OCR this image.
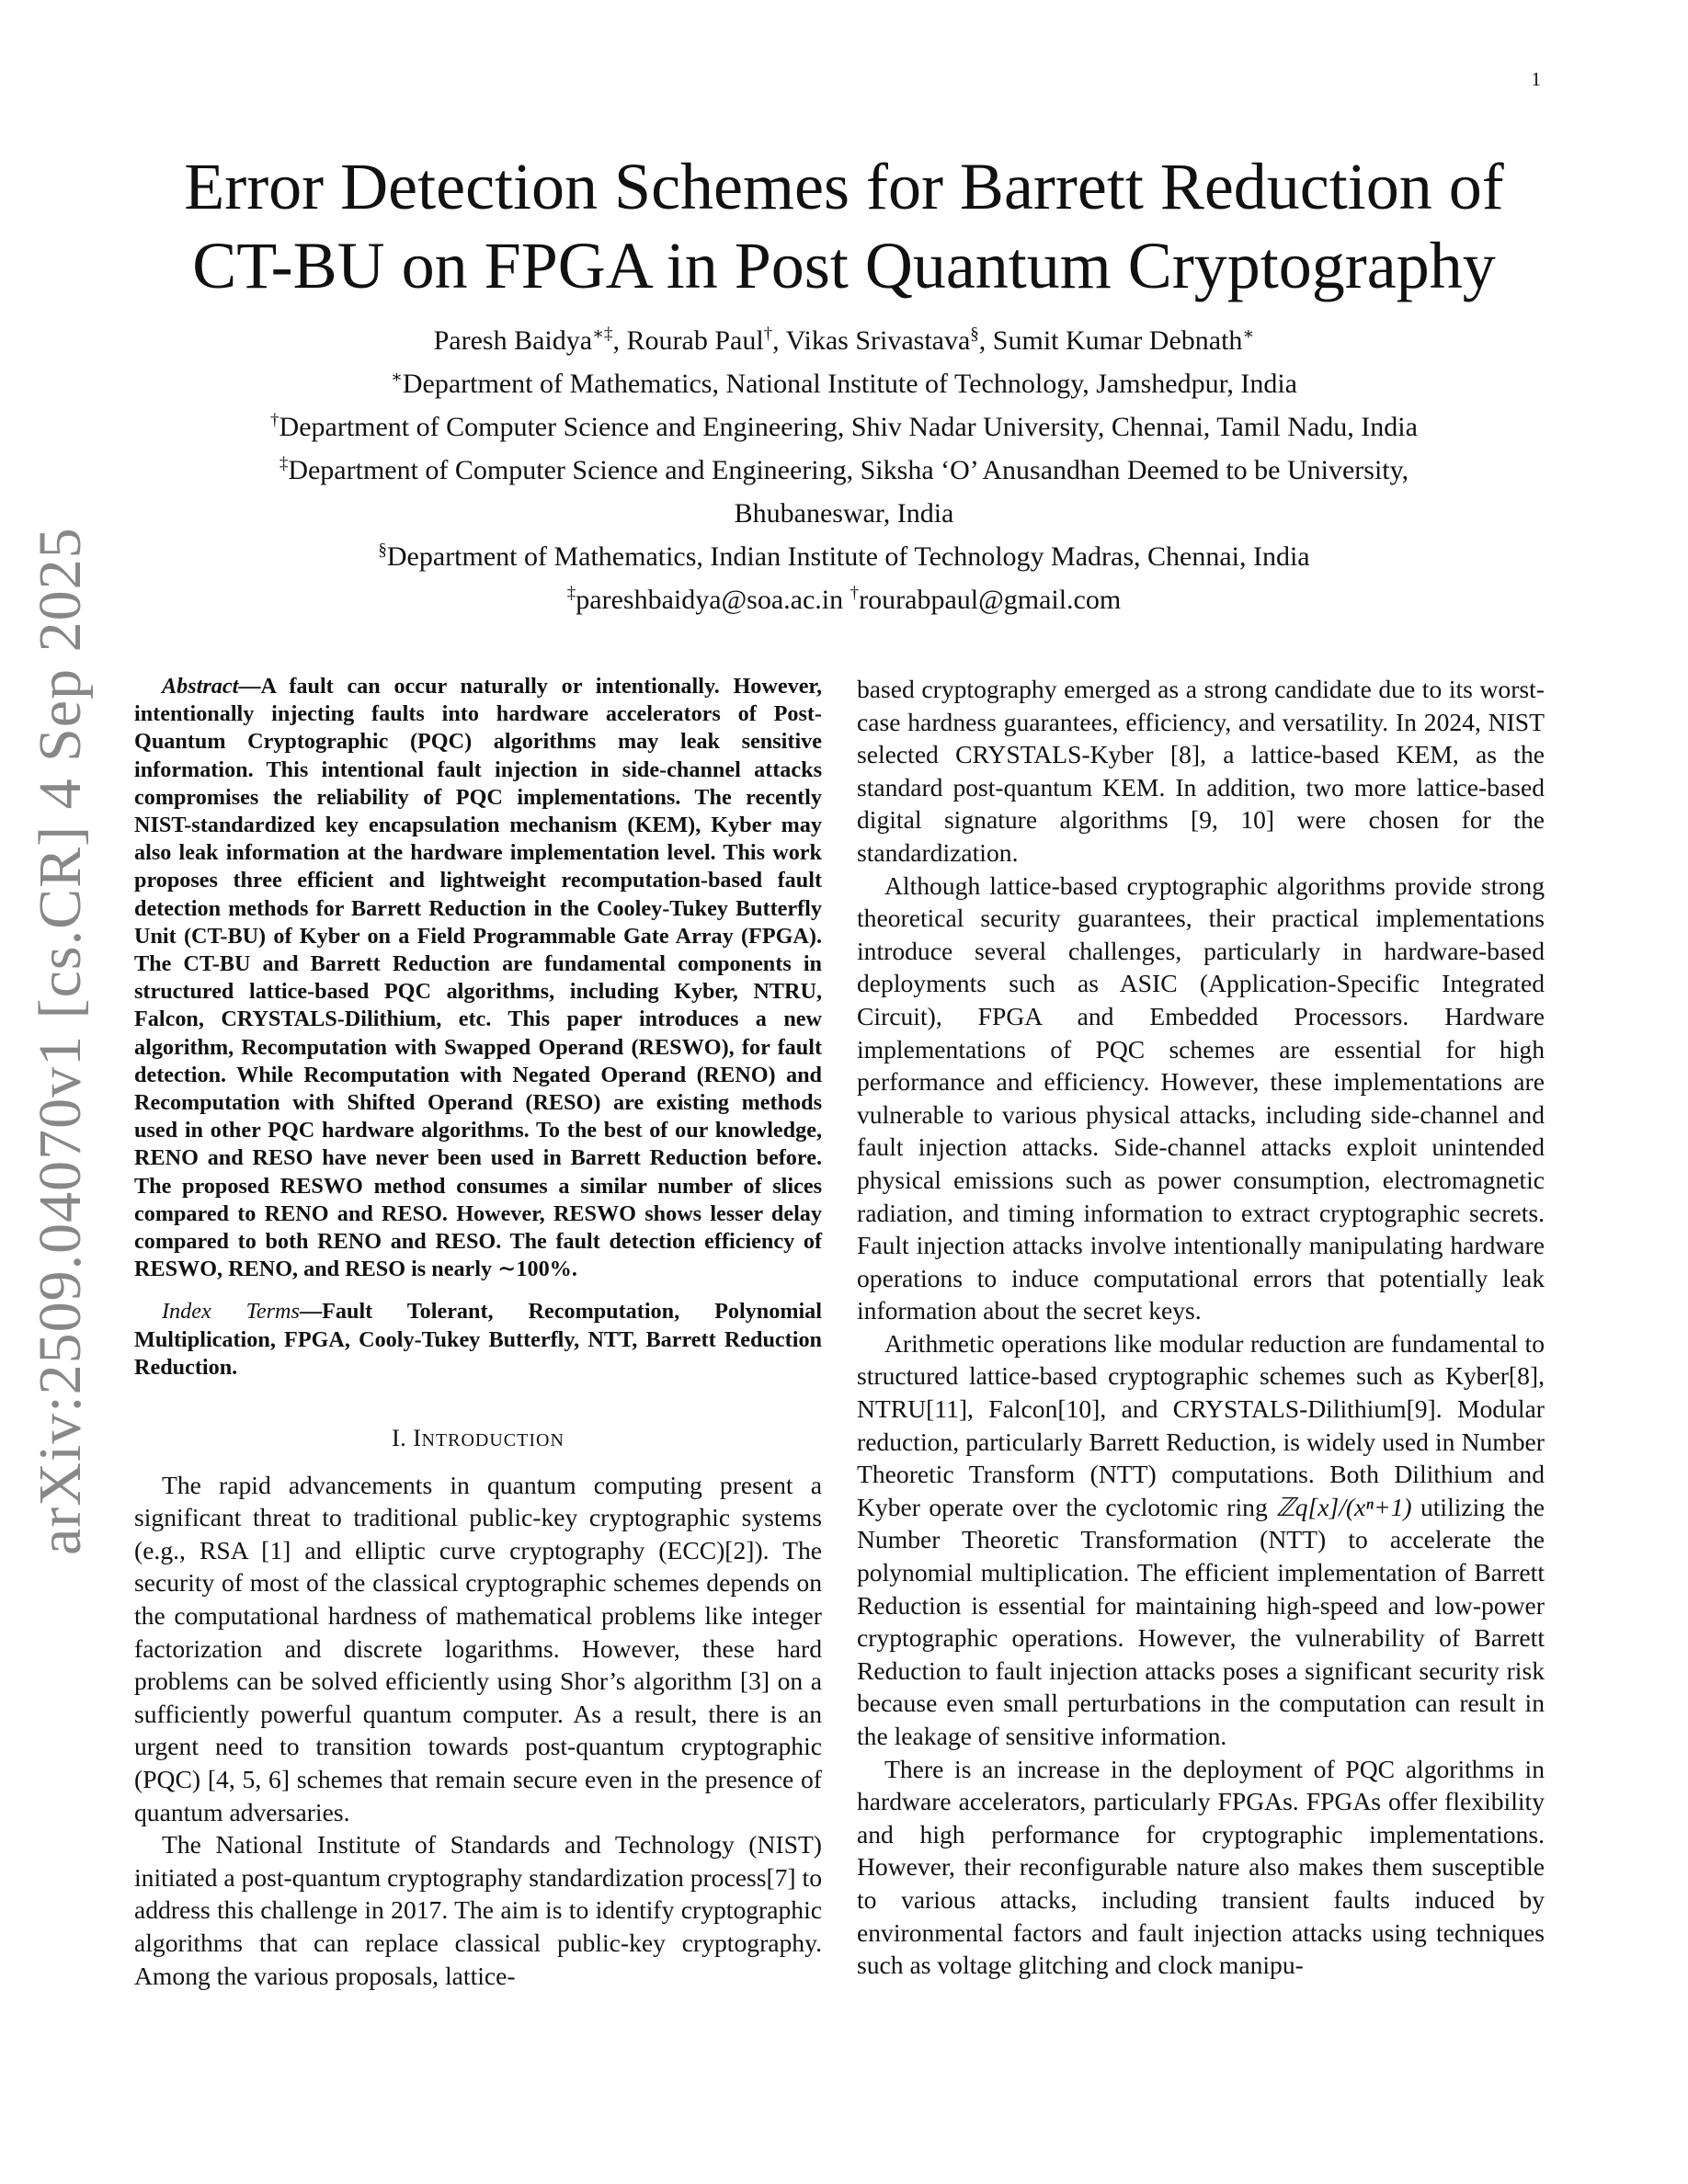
1
arXiv:2509.04070v1 [cs.CR] 4 Sep 2025
Error Detection Schemes for Barrett Reduction of
CT-BU on FPGA in Post Quantum Cryptography
Paresh Baidya∗‡, Rourab Paul†, Vikas Srivastava§, Sumit Kumar Debnath∗
∗Department of Mathematics, National Institute of Technology, Jamshedpur, India
†Department of Computer Science and Engineering, Shiv Nadar University, Chennai, Tamil Nadu, India
‡Department of Computer Science and Engineering, Siksha ‘O’ Anusandhan Deemed to be University,
Bhubaneswar, India
§Department of Mathematics, Indian Institute of Technology Madras, Chennai, India
‡pareshbaidya@soa.ac.in †rourabpaul@gmail.com

Abstract—A fault can occur naturally or intentionally. However, intentionally injecting faults into hardware accelerators of Post-Quantum Cryptographic (PQC) algorithms may leak sensitive information. This intentional fault injection in side-channel attacks compromises the reliability of PQC implementations. The recently NIST-standardized key encapsulation mechanism (KEM), Kyber may also leak information at the hardware implementation level. This work proposes three efficient and lightweight recomputation-based fault detection methods for Barrett Reduction in the Cooley-Tukey Butterfly Unit (CT-BU) of Kyber on a Field Programmable Gate Array (FPGA). The CT-BU and Barrett Reduction are fundamental components in structured lattice-based PQC algorithms, including Kyber, NTRU, Falcon, CRYSTALS-Dilithium, etc. This paper introduces a new algorithm, Recomputation with Swapped Operand (RESWO), for fault detection. While Recomputation with Negated Operand (RENO) and Recomputation with Shifted Operand (RESO) are existing methods used in other PQC hardware algorithms. To the best of our knowledge, RENO and RESO have never been used in Barrett Reduction before. The proposed RESWO method consumes a similar number of slices compared to RENO and RESO. However, RESWO shows lesser delay compared to both RENO and RESO. The fault detection efficiency of RESWO, RENO, and RESO is nearly ∼100%.

Index Terms—Fault Tolerant, Recomputation, Polynomial Multiplication, FPGA, Cooly-Tukey Butterfly, NTT, Barrett Reduction Reduction.

I. INTRODUCTION

The rapid advancements in quantum computing present a significant threat to traditional public-key cryptographic systems (e.g., RSA [1] and elliptic curve cryptography (ECC)[2]). The security of most of the classical cryptographic schemes depends on the computational hardness of mathematical problems like integer factorization and discrete logarithms. However, these hard problems can be solved efficiently using Shor’s algorithm [3] on a sufficiently powerful quantum computer. As a result, there is an urgent need to transition towards post-quantum cryptographic (PQC) [4, 5, 6] schemes that remain secure even in the presence of quantum adversaries.

The National Institute of Standards and Technology (NIST) initiated a post-quantum cryptography standardization process[7] to address this challenge in 2017. The aim is to identify cryptographic algorithms that can replace classical public-key cryptography. Among the various proposals, lattice-

based cryptography emerged as a strong candidate due to its worst-case hardness guarantees, efficiency, and versatility. In 2024, NIST selected CRYSTALS-Kyber [8], a lattice-based KEM, as the standard post-quantum KEM. In addition, two more lattice-based digital signature algorithms [9, 10] were chosen for the standardization.

Although lattice-based cryptographic algorithms provide strong theoretical security guarantees, their practical implementations introduce several challenges, particularly in hardware-based deployments such as ASIC (Application-Specific Integrated Circuit), FPGA and Embedded Processors. Hardware implementations of PQC schemes are essential for high performance and efficiency. However, these implementations are vulnerable to various physical attacks, including side-channel and fault injection attacks. Side-channel attacks exploit unintended physical emissions such as power consumption, electromagnetic radiation, and timing information to extract cryptographic secrets. Fault injection attacks involve intentionally manipulating hardware operations to induce computational errors that potentially leak information about the secret keys.

Arithmetic operations like modular reduction are fundamental to structured lattice-based cryptographic schemes such as Kyber[8], NTRU[11], Falcon[10], and CRYSTALS-Dilithium[9]. Modular reduction, particularly Barrett Reduction, is widely used in Number Theoretic Transform (NTT) computations. Both Dilithium and Kyber operate over the cyclotomic ring ℤq[x]/(xⁿ+1) utilizing the Number Theoretic Transformation (NTT) to accelerate the polynomial multiplication. The efficient implementation of Barrett Reduction is essential for maintaining high-speed and low-power cryptographic operations. However, the vulnerability of Barrett Reduction to fault injection attacks poses a significant security risk because even small perturbations in the computation can result in the leakage of sensitive information.

There is an increase in the deployment of PQC algorithms in hardware accelerators, particularly FPGAs. FPGAs offer flexibility and high performance for cryptographic implementations. However, their reconfigurable nature also makes them susceptible to various attacks, including transient faults induced by environmental factors and fault injection attacks using techniques such as voltage glitching and clock manipu-
